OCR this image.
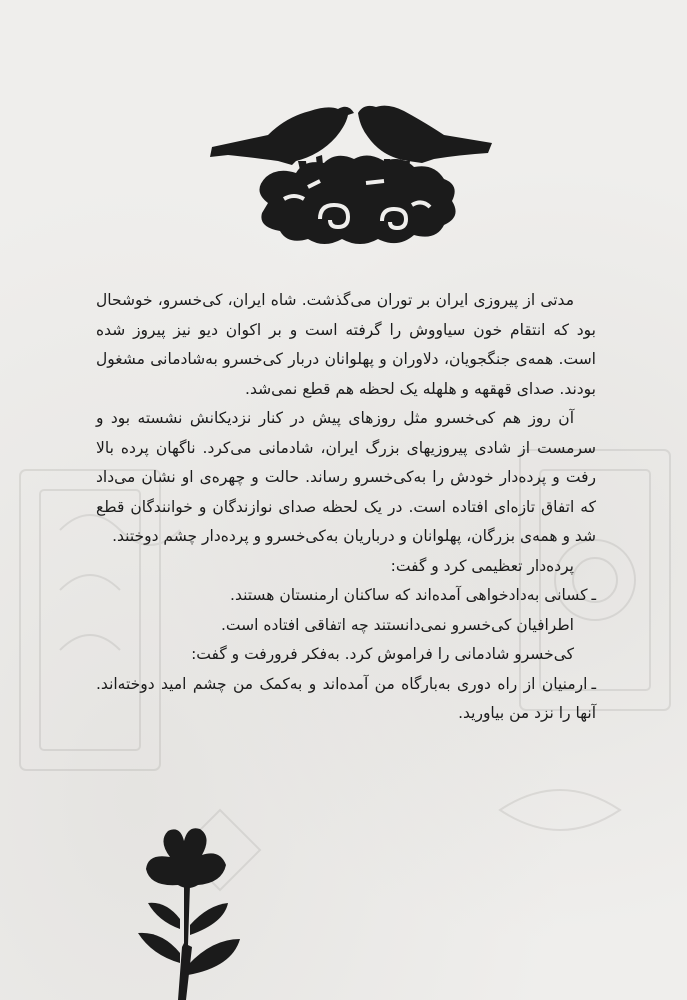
مدتی از پیروزی ایران بر توران می‌گذشت. شاه ایران، کی‌خسرو، خوشحال بود که انتقام خون سیاووش را گرفته است و بر اکوان دیو نیز پیروز شده است. همه‌ی جنگجویان، دلاوران و پهلوانان دربار کی‌خسرو به‌شادمانی مشغول بودند. صدای قهقهه و هلهله یک لحظه هم قطع نمی‌شد.

آن روز هم کی‌خسرو مثل روزهای پیش در کنار نزدیکانش نشسته بود و سرمست از شادی پیروزیهای بزرگ ایران، شادمانی می‌کرد. ناگهان پرده بالا رفت و پرده‌دار خودش را به‌کی‌خسرو رساند. حالت و چهره‌ی او نشان می‌داد که اتفاق تازه‌ای افتاده است. در یک لحظه صدای نوازندگان و خوانندگان قطع شد و همه‌ی بزرگان، پهلوانان و درباریان به‌کی‌خسرو و پرده‌دار چشم دوختند.

پرده‌دار تعظیمی کرد و گفت:

ـکسانی به‌دادخواهی آمده‌اند که ساکنان ارمنستان هستند.

اطرافیان کی‌خسرو نمی‌دانستند چه اتفاقی افتاده است.

کی‌خسرو شادمانی را فراموش کرد. به‌فکر فرورفت و گفت:

ـارمنیان از راه دوری به‌بارگاه من آمده‌اند و به‌کمک من چشم امید دوخته‌اند. آنها را نزد من بیاورید.
